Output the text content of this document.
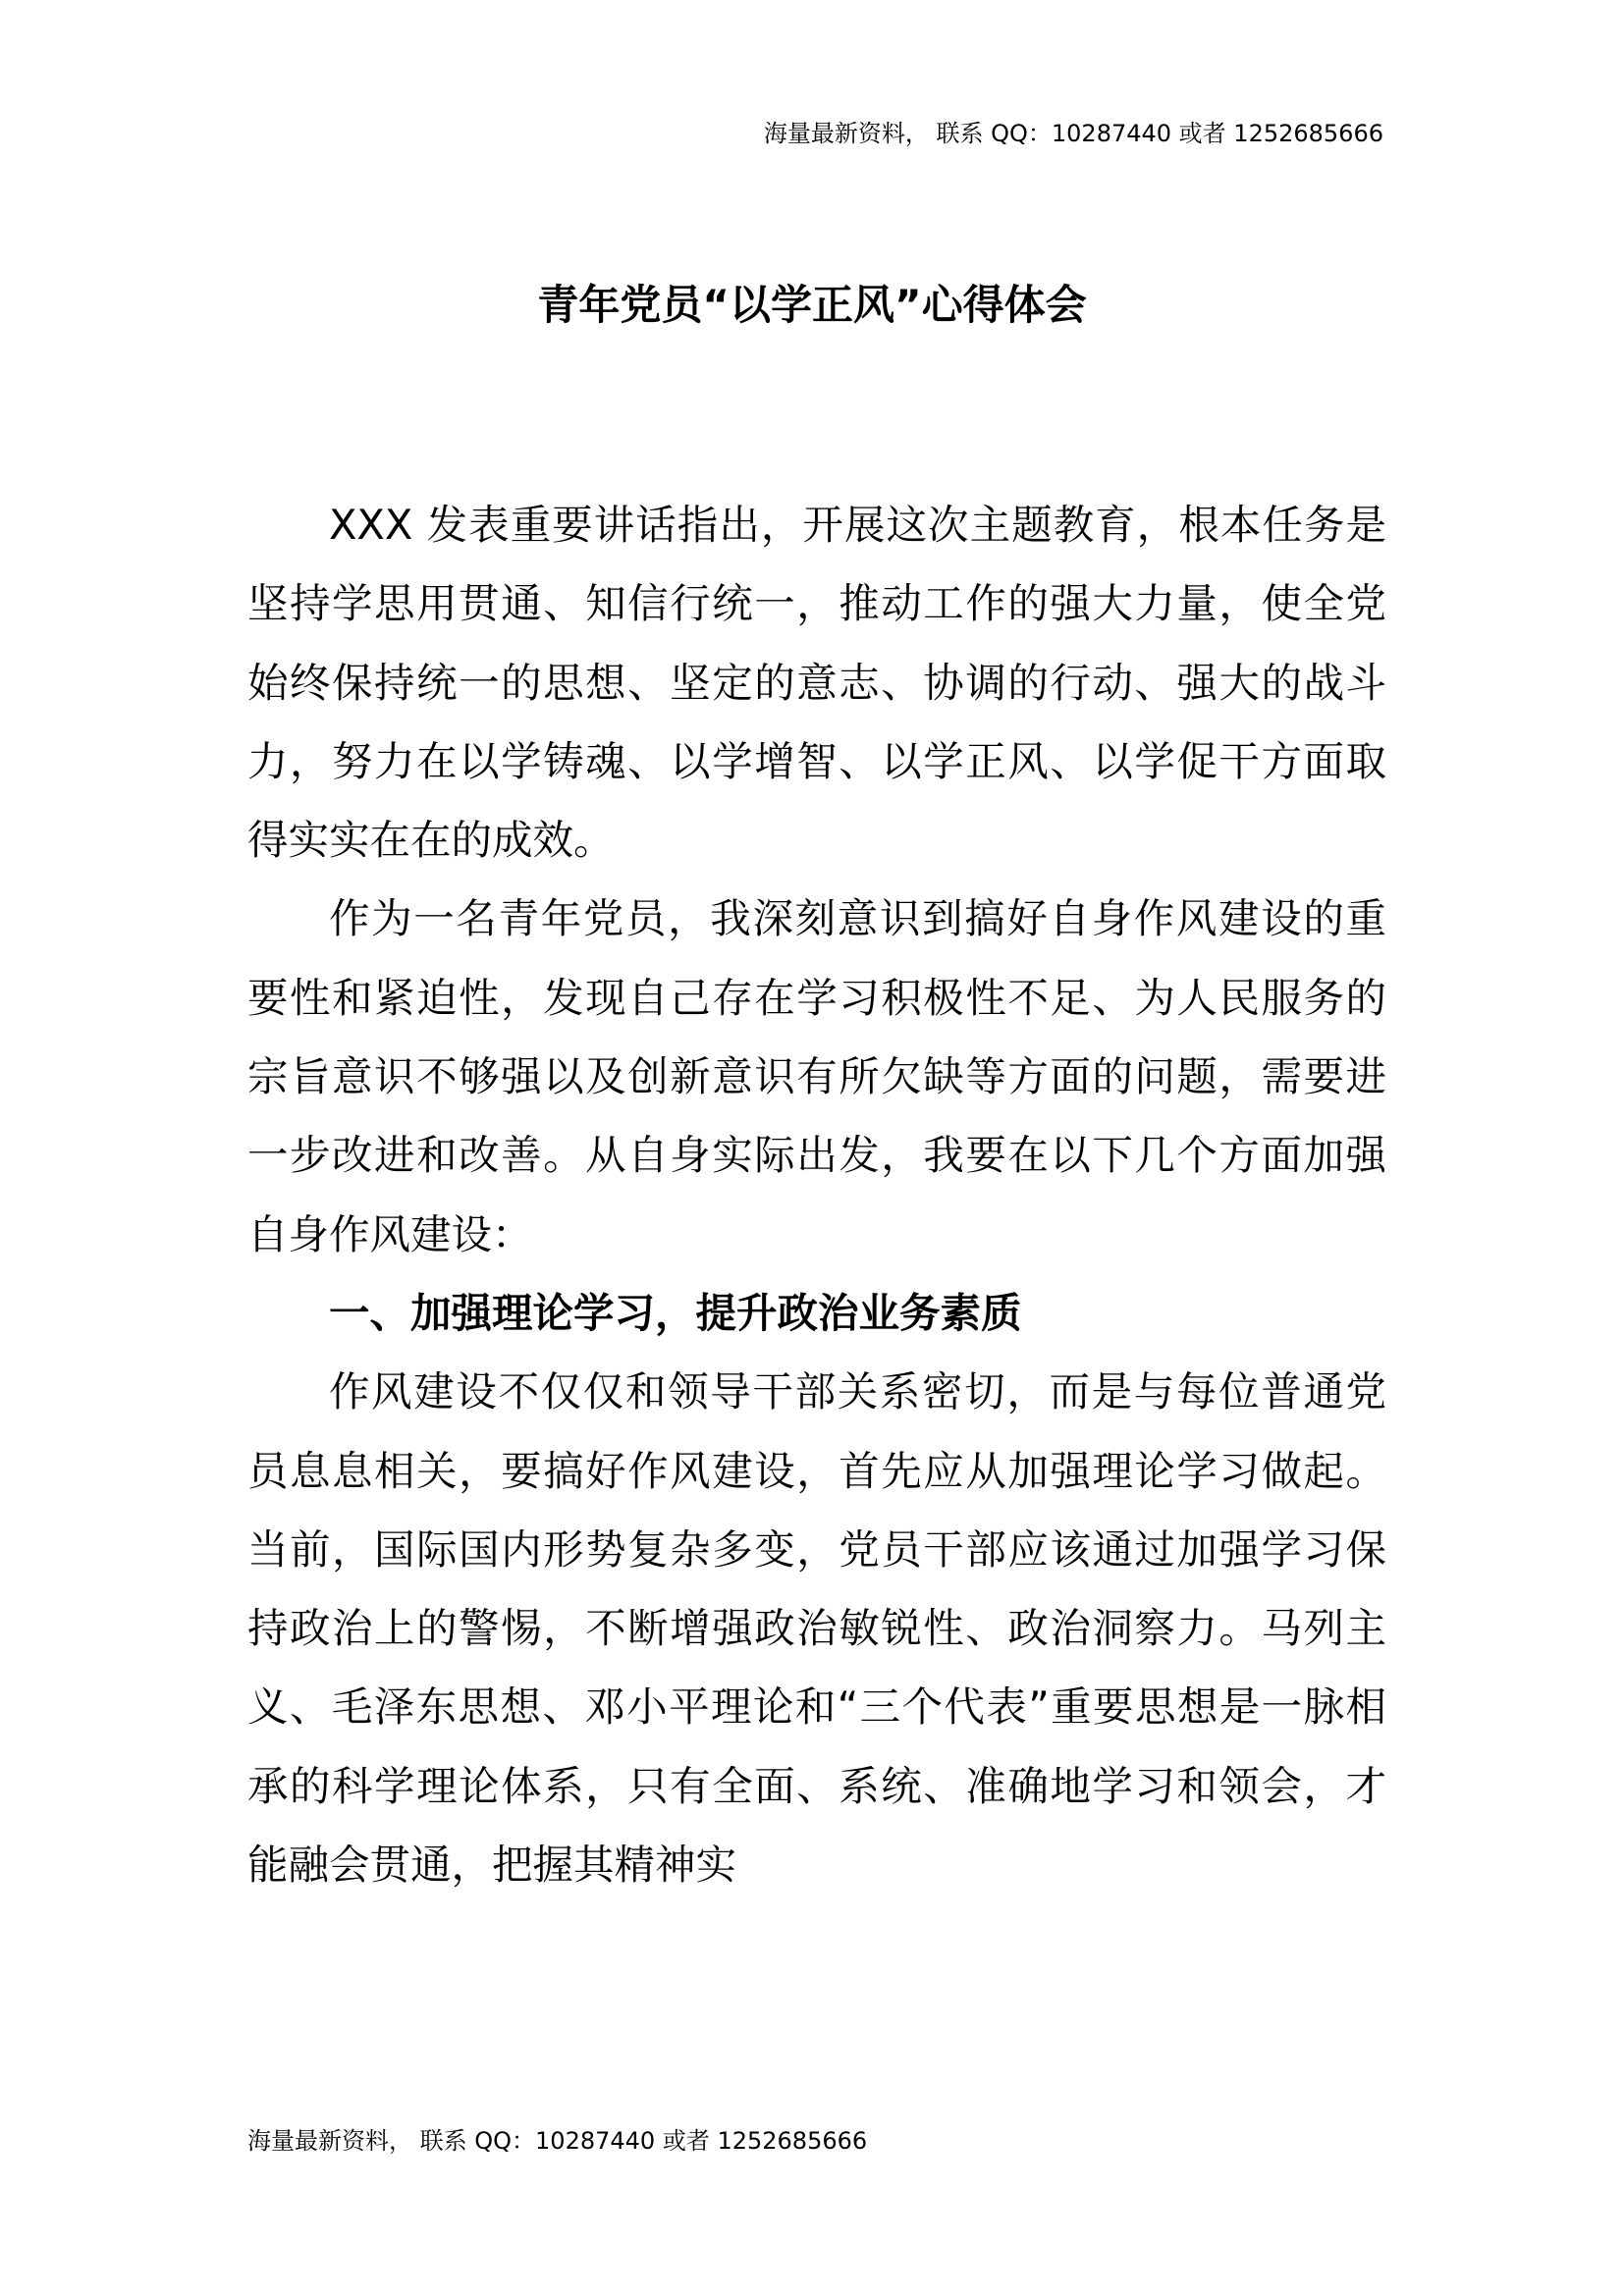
海量最新资料， 联系 QQ：10287440 或者 1252685666
青年党员“以学正风”心得体会

XXX 发表重要讲话指出，开展这次主题教育，根本任务是坚持学思用贯通、知信行统一，推动工作的强大力量，使全党始终保持统一的思想、坚定的意志、协调的行动、强大的战斗力，努力在以学铸魂、以学增智、以学正风、以学促干方面取得实实在在的成效。

作为一名青年党员，我深刻意识到搞好自身作风建设的重要性和紧迫性，发现自己存在学习积极性不足、为人民服务的宗旨意识不够强以及创新意识有所欠缺等方面的问题，需要进一步改进和改善。从自身实际出发，我要在以下几个方面加强自身作风建设：

一、加强理论学习，提升政治业务素质

作风建设不仅仅和领导干部关系密切，而是与每位普通党员息息相关，要搞好作风建设，首先应从加强理论学习做起。当前，国际国内形势复杂多变，党员干部应该通过加强学习保持政治上的警惕，不断增强政治敏锐性、政治洞察力。马列主义、毛泽东思想、邓小平理论和“三个代表”重要思想是一脉相承的科学理论体系，只有全面、系统、准确地学习和领会，才能融会贯通，把握其精神实

海量最新资料， 联系 QQ：10287440 或者 1252685666
